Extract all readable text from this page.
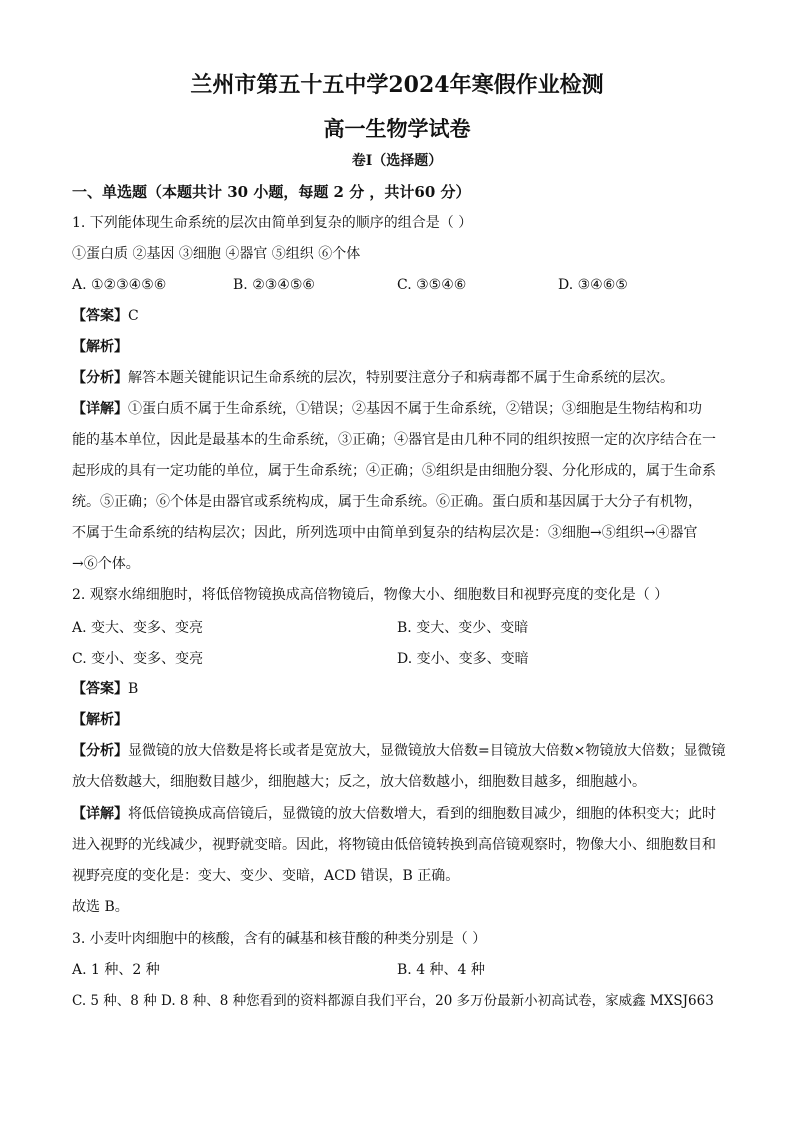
兰州市第五十五中学2024年寒假作业检测
高一生物学试卷
卷I（选择题）
一、单选题（本题共计 30 小题，每题 2 分 ，共计60 分）
1. 下列能体现生命系统的层次由简单到复杂的顺序的组合是（ ）
①蛋白质 ②基因 ③细胞 ④器官 ⑤组织 ⑥个体
A. ①②③④⑤⑥	B. ②③④⑤⑥	C. ③⑤④⑥	D. ③④⑥⑤
【答案】C
【解析】
【分析】解答本题关键能识记生命系统的层次，特别要注意分子和病毒都不属于生命系统的层次。
【详解】①蛋白质不属于生命系统，①错误；②基因不属于生命系统，②错误；③细胞是生物结构和功
能的基本单位，因此是最基本的生命系统，③正确；④器官是由几种不同的组织按照一定的次序结合在一
起形成的具有一定功能的单位，属于生命系统；④正确；⑤组织是由细胞分裂、分化形成的，属于生命系
统。⑤正确；⑥个体是由器官或系统构成，属于生命系统。⑥正确。蛋白质和基因属于大分子有机物，
不属于生命系统的结构层次；因此，所列选项中由简单到复杂的结构层次是：③细胞→⑤组织→④器官
→⑥个体。
2. 观察水绵细胞时，将低倍物镜换成高倍物镜后，物像大小、细胞数目和视野亮度的变化是（ ）
A. 变大、变多、变亮	B. 变大、变少、变暗
C. 变小、变多、变亮	D. 变小、变多、变暗
【答案】B
【解析】
【分析】显微镜的放大倍数是将长或者是宽放大，显微镜放大倍数=目镜放大倍数×物镜放大倍数；显微镜
放大倍数越大，细胞数目越少，细胞越大；反之，放大倍数越小，细胞数目越多，细胞越小。
【详解】将低倍镜换成高倍镜后，显微镜的放大倍数增大，看到的细胞数目减少，细胞的体积变大；此时
进入视野的光线减少，视野就变暗。因此，将物镜由低倍镜转换到高倍镜观察时，物像大小、细胞数目和
视野亮度的变化是：变大、变少、变暗，ACD 错误，B 正确。
故选 B。
3. 小麦叶肉细胞中的核酸，含有的碱基和核苷酸的种类分别是（ ）
A. 1 种、2 种	B. 4 种、4 种
C. 5 种、8 种 D. 8 种、8 种您看到的资料都源自我们平台，20 多万份最新小初高试卷，家威鑫 MXSJ663
